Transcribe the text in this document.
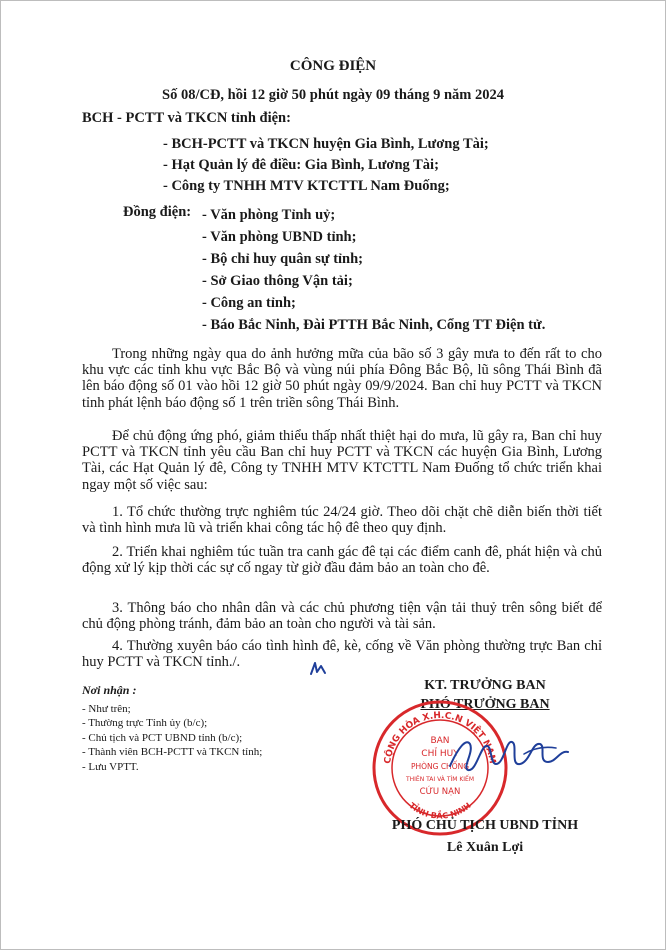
CÔNG ĐIỆN
Số 08/CĐ, hồi 12 giờ 50 phút ngày 09 tháng 9 năm 2024
BCH - PCTT và TKCN tỉnh điện:
- BCH-PCTT và TKCN huyện Gia Bình, Lương Tài;
- Hạt Quản lý đê điều: Gia Bình, Lương Tài;
- Công ty TNHH MTV KTCTTL Nam Đuống;
Đồng điện: - Văn phòng Tỉnh uỷ;
- Văn phòng UBND tỉnh;
- Bộ chỉ huy quân sự tỉnh;
- Sở Giao thông Vận tải;
- Công an tỉnh;
- Báo Bắc Ninh, Đài PTTH Bắc Ninh, Cổng TT Điện tử.

Trong những ngày qua do ảnh hưởng mữa của bão số 3 gây mưa to đến rất to cho khu vực các tỉnh khu vực Bắc Bộ và vùng núi phía Đông Bắc Bộ, lũ sông Thái Bình đã lên báo động số 01 vào hồi 12 giờ 50 phút ngày 09/9/2024. Ban chỉ huy PCTT và TKCN tỉnh phát lệnh báo động số 1 trên triền sông Thái Bình.

Để chủ động ứng phó, giảm thiểu thấp nhất thiệt hại do mưa, lũ gây ra, Ban chỉ huy PCTT và TKCN tỉnh yêu cầu Ban chỉ huy PCTT và TKCN các huyện Gia Bình, Lương Tài, các Hạt Quản lý đê, Công ty TNHH MTV KTCTTL Nam Đuống tổ chức triển khai ngay một số việc sau:

1. Tổ chức thường trực nghiêm túc 24/24 giờ. Theo dõi chặt chẽ diễn biến thời tiết và tình hình mưa lũ và triển khai công tác hộ đê theo quy định.

2. Triển khai nghiêm túc tuần tra canh gác đê tại các điểm canh đê, phát hiện và chủ động xử lý kịp thời các sự cố ngay từ giờ đầu đảm bảo an toàn cho đê.

3. Thông báo cho nhân dân và các chủ phương tiện vận tải thuỷ trên sông biết để chủ động phòng tránh, đảm bảo an toàn cho người và tài sản.

4. Thường xuyên báo cáo tình hình đê, kè, cống về Văn phòng thường trực Ban chỉ huy PCTT và TKCN tỉnh./.

KT. TRƯỞNG BAN
PHÓ TRƯỞNG BAN
Nơi nhận :
- Như trên;
- Thường trực Tỉnh ủy (b/c);
- Chủ tịch và PCT UBND tỉnh (b/c);
- Thành viên BCH-PCTT và TKCN tỉnh;
- Lưu VPTT.
CỘNG HÒA X.H.C.N VIỆT NAM
TỈNH BẮC NINH
BAN
CHỈ HUY
PHÒNG CHỐNG
THIÊN TAI VÀ TÌM KIẾM
CỨU NẠN
PHÓ CHỦ TỊCH UBND TỈNH
Lê Xuân Lợi
